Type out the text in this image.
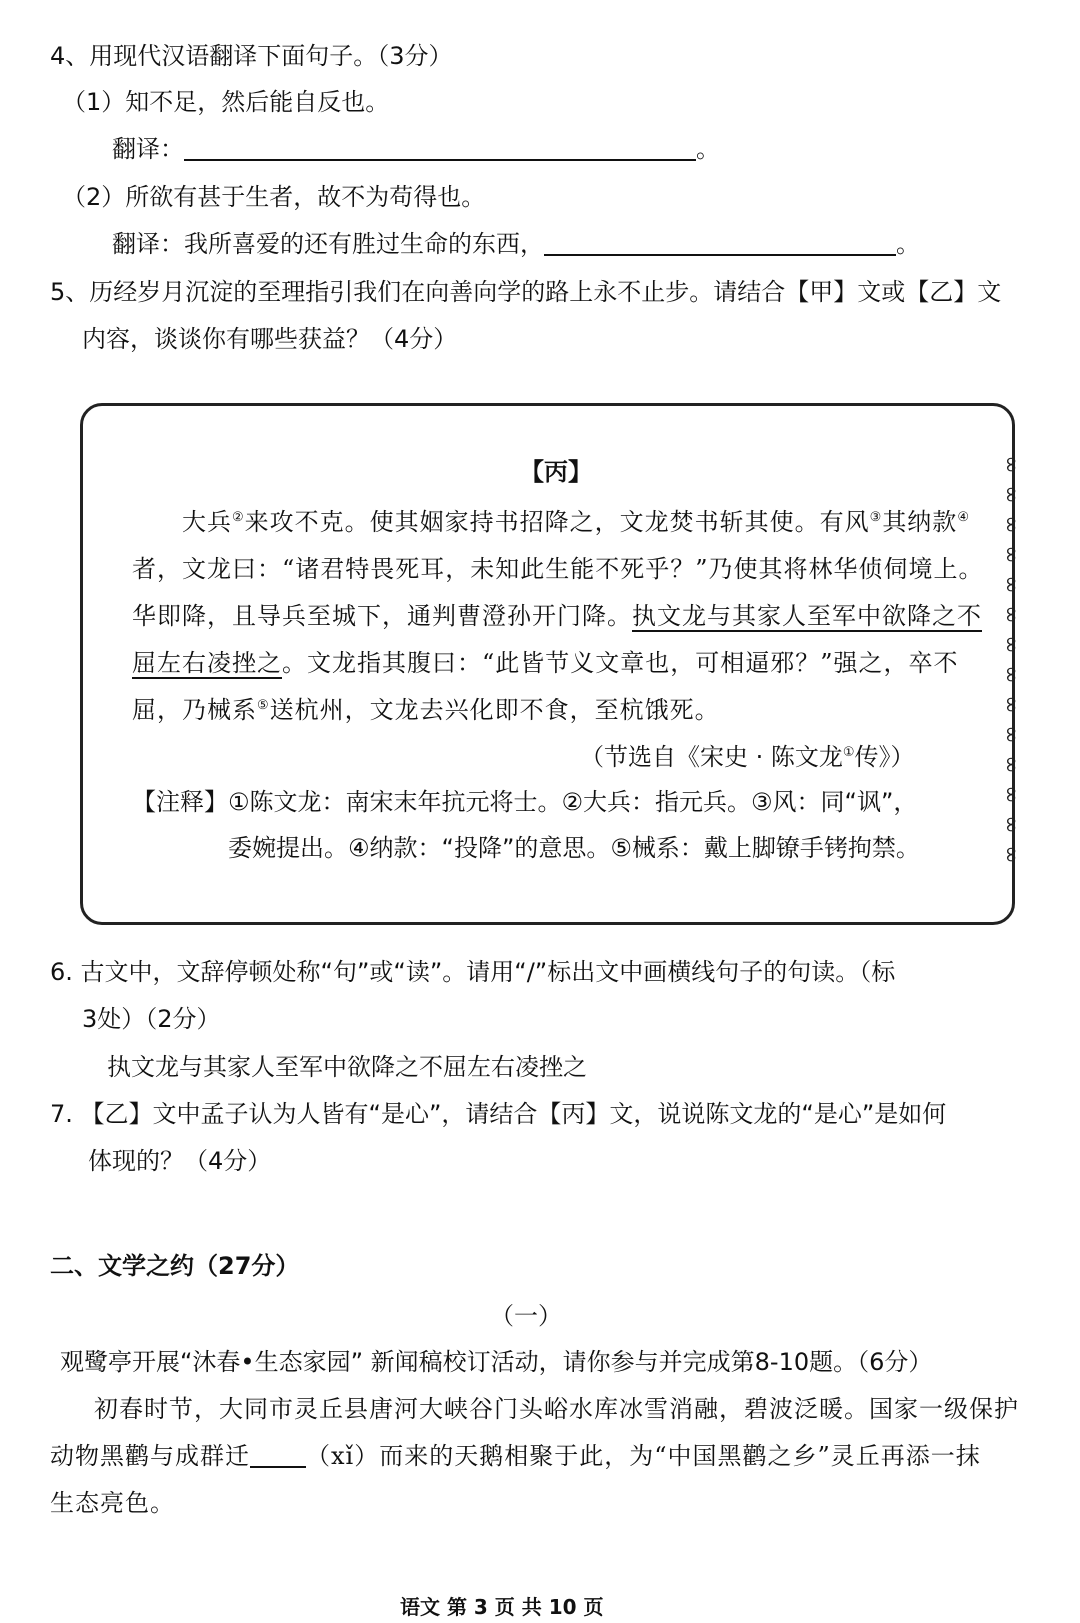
4、用现代汉语翻译下面句子。（3分）
（1）知不足，然后能自反也。
翻译：	。
（2）所欲有甚于生者，故不为苟得也。
翻译：我所喜爱的还有胜过生命的东西，	。
5、历经岁月沉淀的至理指引我们在向善向学的路上永不止步。请结合【甲】文或【乙】文
内容，谈谈你有哪些获益？（4分）
∞
∞
∞
∞
∞
∞
∞
∞
∞
∞
∞
∞
∞
∞
【丙】
大兵②来攻不克。使其姻家持书招降之，文龙焚书斩其使。有风③其纳款④
者，文龙曰：“诸君特畏死耳，未知此生能不死乎？”乃使其将林华侦伺境上。
华即降，且导兵至城下，通判曹澄孙开门降。执文龙与其家人至军中欲降之不
屈左右凌挫之。文龙指其腹曰：“此皆节义文章也，可相逼邪？”强之，卒不
屈，乃械系⑤送杭州，文龙去兴化即不食，至杭饿死。
（节选自《宋史 · 陈文龙①传》）
【注释】①陈文龙：南宋末年抗元将士。②大兵：指元兵。③风：同“讽”，
委婉提出。④纳款：“投降”的意思。⑤械系：戴上脚镣手铐拘禁。
6. 古文中，文辞停顿处称“句”或“读”。请用“/”标出文中画横线句子的句读。（标
3处）（2分）
执文龙与其家人至军中欲降之不屈左右凌挫之
7. 【乙】文中孟子认为人皆有“是心”，请结合【丙】文，说说陈文龙的“是心”是如何
体现的？（4分）
二、文学之约（27分）
（一）
观鹭亭开展“沐春•生态家园” 新闻稿校订活动，请你参与并完成第8-10题。（6分）
初春时节，大同市灵丘县唐河大峡谷门头峪水库冰雪消融，碧波泛暖。国家一级保护
动物黑鹳与成群迁 （xǐ）而来的天鹅相聚于此，为“中国黑鹳之乡”灵丘再添一抹
生态亮色。
语文 第 3 页 共 10 页
